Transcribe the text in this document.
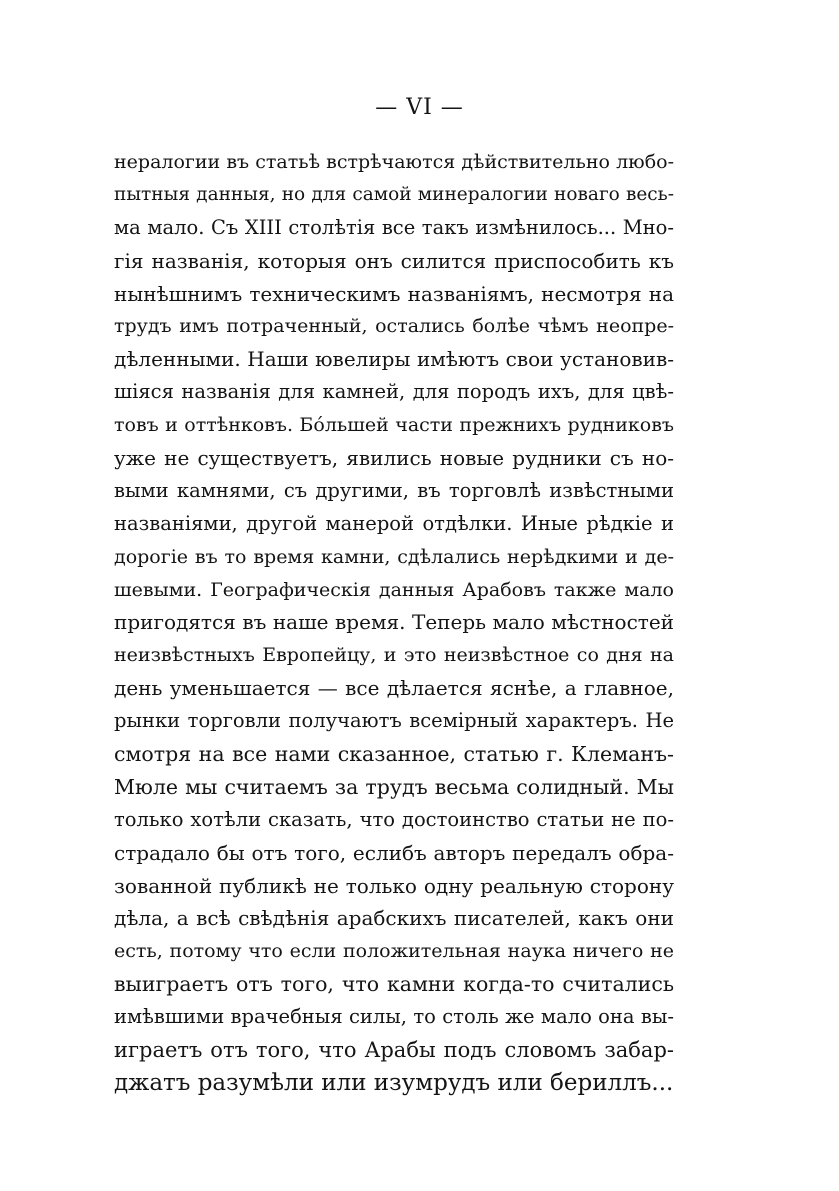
— VI —
нералогии въ статьѣ встрѣчаются дѣйствительно любо-
пытныя данныя, но для самой минералогии новаго весь-
ма мало. Съ XIII столѣтія все такъ измѣнилось... Мно-
гія названія, которыя онъ силится приспособить къ
нынѣшнимъ техническимъ названіямъ, несмотря на
трудъ имъ потраченный, остались болѣе чѣмъ неопре-
дѣленными. Наши ювелиры имѣютъ свои установив-
шіяся названія для камней, для породъ ихъ, для цвѣ-
товъ и оттѣнковъ. Бóльшей части прежнихъ рудниковъ
уже не существуетъ, явились новые рудники съ но-
выми камнями, съ другими, въ торговлѣ извѣстными
названіями, другой манерой отдѣлки. Иные рѣдкіе и
дорогіе въ то время камни, сдѣлались нерѣдкими и де-
шевыми. Географическія данныя Арабовъ также мало
пригодятся въ наше время. Теперь мало мѣстностей
неизвѣстныхъ Европейцу, и это неизвѣстное со дня на
день уменьшается — все дѣлается яснѣе, а главное,
рынки торговли получаютъ всемірный характеръ. Не
смотря на все нами сказанное, статью г. Клеманъ-
Мюле мы считаемъ за трудъ весьма солидный. Мы
только хотѣли сказать, что достоинство статьи не по-
страдало бы отъ того, еслибъ авторъ передалъ обра-
зованной публикѣ не только одну реальную сторону
дѣла, а всѣ свѣдѣнія арабскихъ писателей, какъ они
есть, потому что если положительная наука ничего не
выиграетъ отъ того, что камни когда-то считались
имѣвшими врачебныя силы, то столь же мало она вы-
играетъ отъ того, что Арабы подъ словомъ забар-
джатъ разумѣли или изумрудъ или бериллъ...
